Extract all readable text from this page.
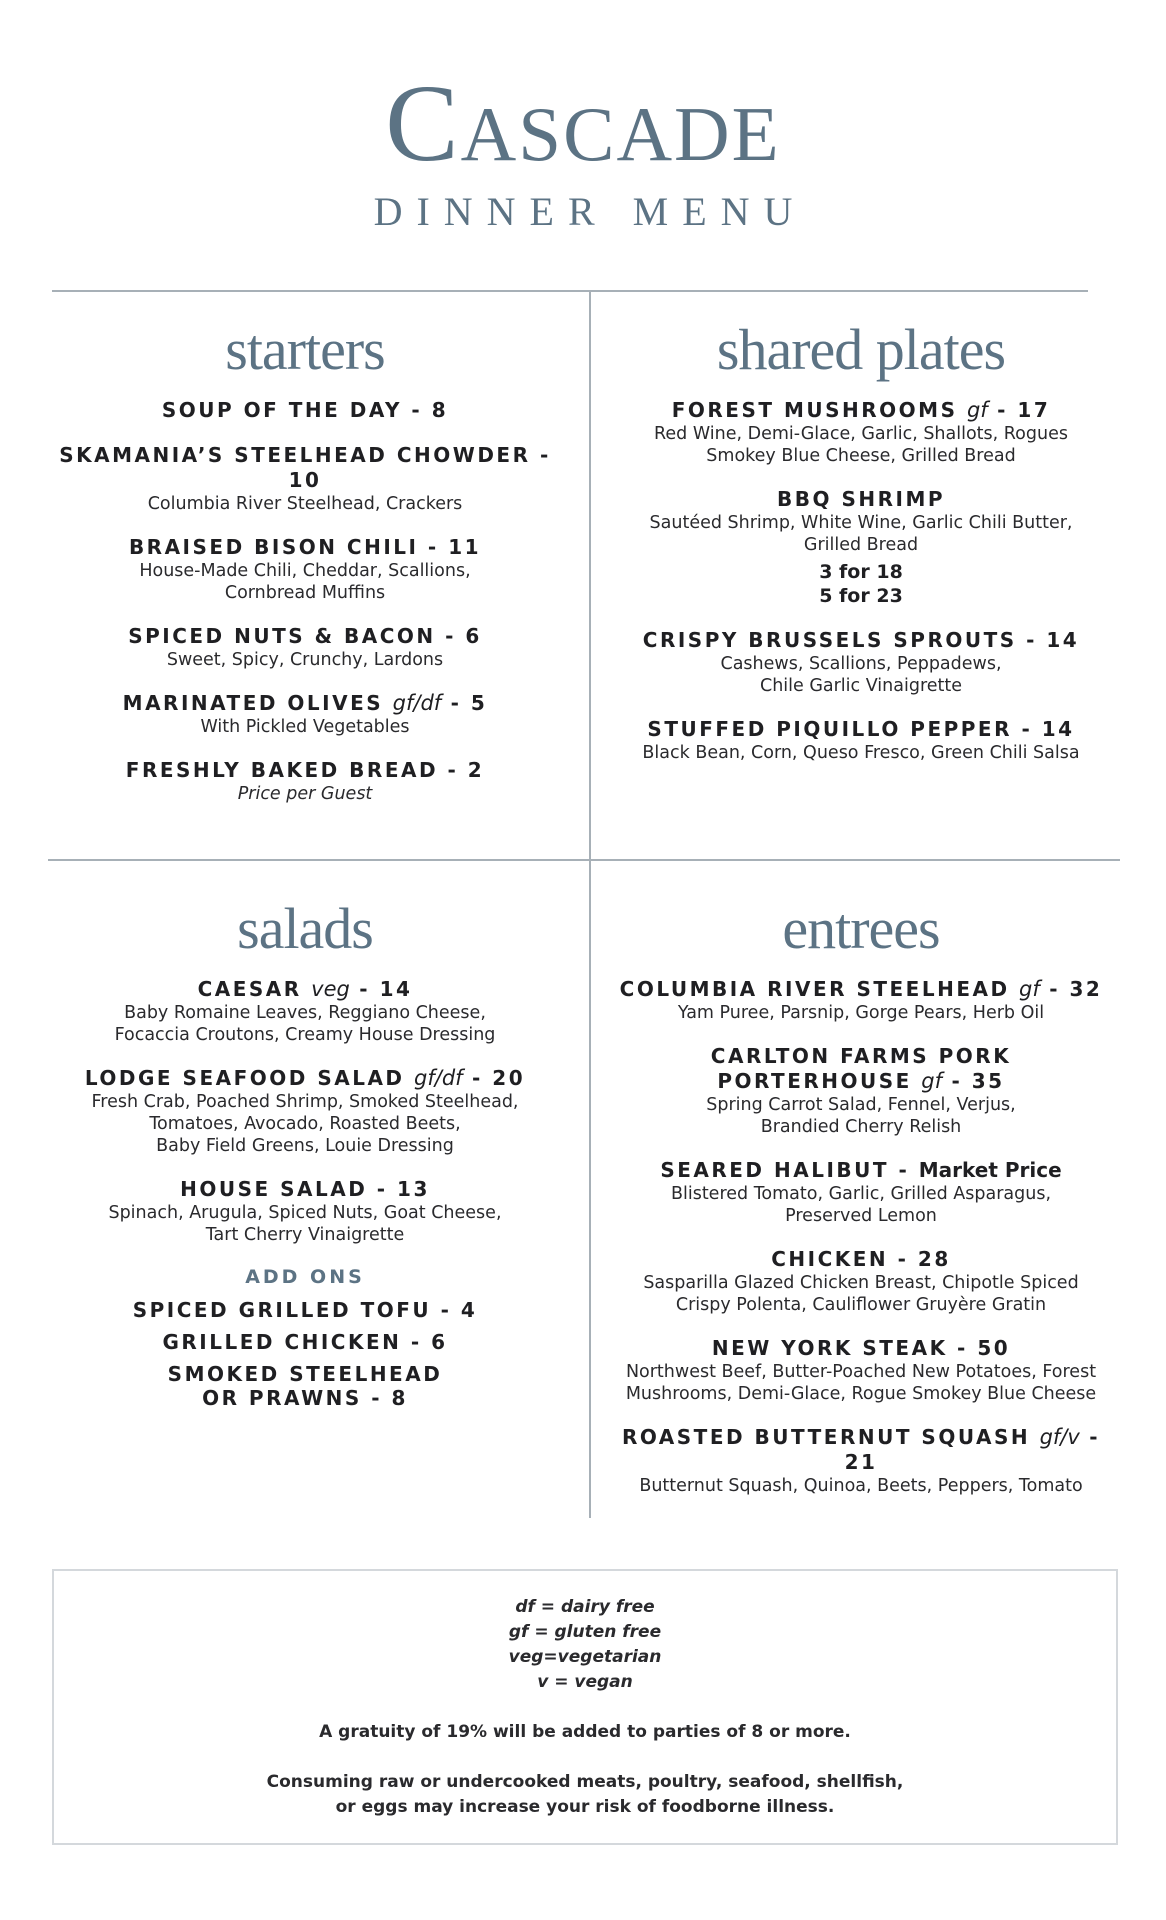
Cascade
DINNER MENU
starters
SOUP OF THE DAY - 8
SKAMANIA’S STEELHEAD CHOWDER - 10
Columbia River Steelhead, Crackers
BRAISED BISON CHILI - 11
House-Made Chili, Cheddar, Scallions,
Cornbread Muffins
SPICED NUTS & BACON - 6
Sweet, Spicy, Crunchy, Lardons
MARINATED OLIVES gf/df - 5
With Pickled Vegetables
FRESHLY BAKED BREAD - 2
Price per Guest
shared plates
FOREST MUSHROOMS gf - 17
Red Wine, Demi-Glace, Garlic, Shallots, Rogues
Smokey Blue Cheese, Grilled Bread
BBQ SHRIMP
Sautéed Shrimp, White Wine, Garlic Chili Butter,
Grilled Bread
3 for 18
5 for 23
CRISPY BRUSSELS SPROUTS - 14
Cashews, Scallions, Peppadews,
Chile Garlic Vinaigrette
STUFFED PIQUILLO PEPPER - 14
Black Bean, Corn, Queso Fresco, Green Chili Salsa
salads
CAESAR veg - 14
Baby Romaine Leaves, Reggiano Cheese,
Focaccia Croutons, Creamy House Dressing
LODGE SEAFOOD SALAD gf/df - 20
Fresh Crab, Poached Shrimp, Smoked Steelhead,
Tomatoes, Avocado, Roasted Beets,
Baby Field Greens, Louie Dressing
HOUSE SALAD - 13
Spinach, Arugula, Spiced Nuts, Goat Cheese,
Tart Cherry Vinaigrette
ADD ONS
SPICED GRILLED TOFU - 4
GRILLED CHICKEN - 6
SMOKED STEELHEAD
OR PRAWNS - 8
entrees
COLUMBIA RIVER STEELHEAD gf - 32
Yam Puree, Parsnip, Gorge Pears, Herb Oil
CARLTON FARMS PORK
PORTERHOUSE gf - 35
Spring Carrot Salad, Fennel, Verjus,
Brandied Cherry Relish
SEARED HALIBUT - Market Price
Blistered Tomato, Garlic, Grilled Asparagus,
Preserved Lemon
CHICKEN - 28
Sasparilla Glazed Chicken Breast, Chipotle Spiced
Crispy Polenta, Cauliflower Gruyère Gratin
NEW YORK STEAK - 50
Northwest Beef, Butter-Poached New Potatoes, Forest
Mushrooms, Demi-Glace, Rogue Smokey Blue Cheese
ROASTED BUTTERNUT SQUASH gf/v - 21
Butternut Squash, Quinoa, Beets, Peppers, Tomato
df = dairy free
gf = gluten free
veg=vegetarian
v = vegan
A gratuity of 19% will be added to parties of 8 or more.
Consuming raw or undercooked meats, poultry, seafood, shellfish,
or eggs may increase your risk of foodborne illness.
